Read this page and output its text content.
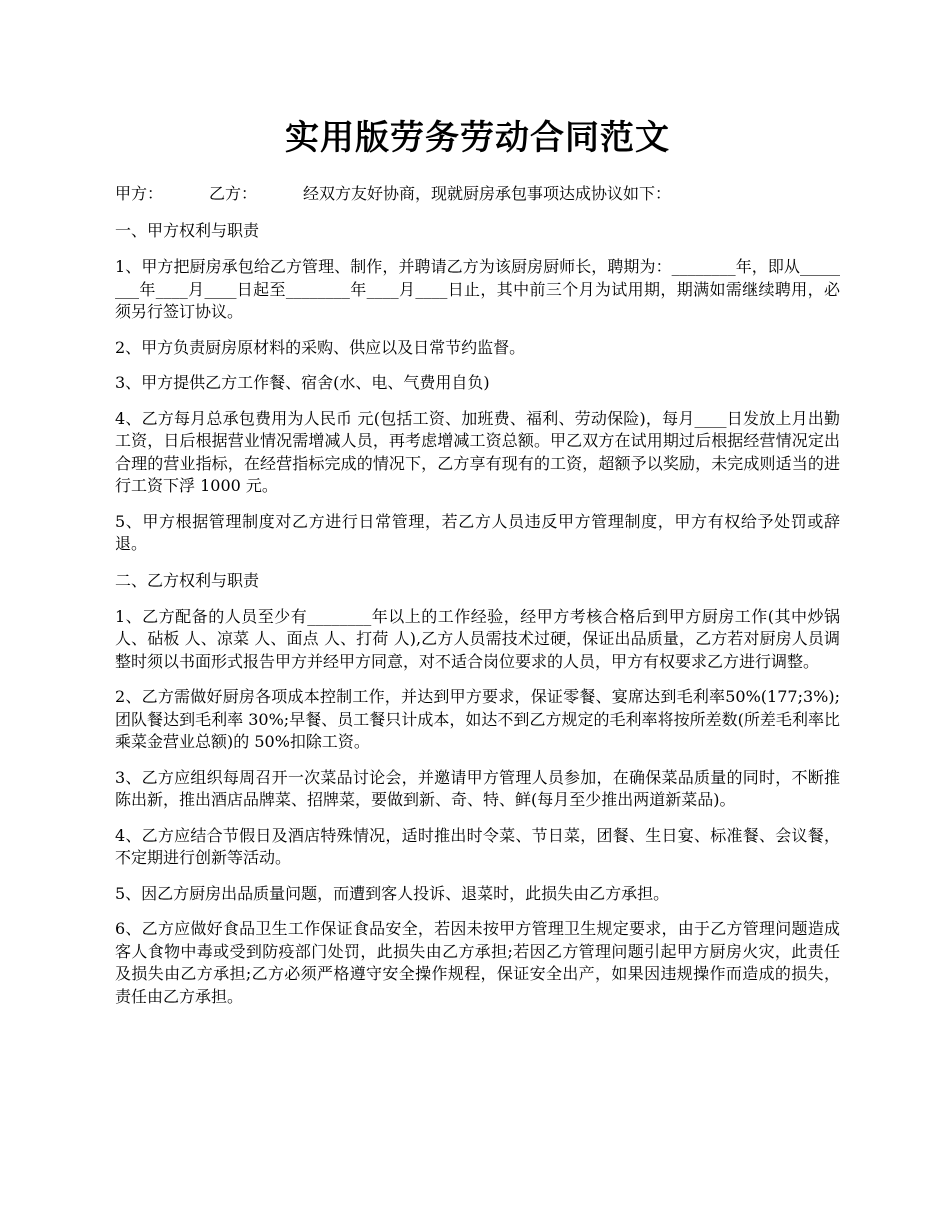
实用版劳务劳动合同范文
甲方：	乙方：	经双方友好协商，现就厨房承包事项达成协议如下：
一、甲方权利与职责
1、甲方把厨房承包给乙方管理、制作，并聘请乙方为该厨房厨师长，聘期为：________年，即从________年____月____日起至________年____月____日止，其中前三个月为试用期，期满如需继续聘用，必须另行签订协议。
2、甲方负责厨房原材料的采购、供应以及日常节约监督。
3、甲方提供乙方工作餐、宿舍(水、电、气费用自负)
4、乙方每月总承包费用为人民币 元(包括工资、加班费、福利、劳动保险)，每月____日发放上月出勤工资，日后根据营业情况需增减人员，再考虑增减工资总额。甲乙双方在试用期过后根据经营情况定出合理的营业指标，在经营指标完成的情况下，乙方享有现有的工资，超额予以奖励，未完成则适当的进行工资下浮 1000 元。
5、甲方根据管理制度对乙方进行日常管理，若乙方人员违反甲方管理制度，甲方有权给予处罚或辞退。
二、乙方权利与职责
1、乙方配备的人员至少有________年以上的工作经验，经甲方考核合格后到甲方厨房工作(其中炒锅 人、砧板 人、凉菜 人、面点 人、打荷 人),乙方人员需技术过硬，保证出品质量，乙方若对厨房人员调整时须以书面形式报告甲方并经甲方同意，对不适合岗位要求的人员，甲方有权要求乙方进行调整。
2、乙方需做好厨房各项成本控制工作，并达到甲方要求，保证零餐、宴席达到毛利率50%(177;3%);团队餐达到毛利率 30%;早餐、员工餐只计成本，如达不到乙方规定的毛利率将按所差数(所差毛利率比乘菜金营业总额)的 50%扣除工资。
3、乙方应组织每周召开一次菜品讨论会，并邀请甲方管理人员参加，在确保菜品质量的同时，不断推陈出新，推出酒店品牌菜、招牌菜，要做到新、奇、特、鲜(每月至少推出两道新菜品)。
4、乙方应结合节假日及酒店特殊情况，适时推出时令菜、节日菜，团餐、生日宴、标准餐、会议餐，不定期进行创新等活动。
5、因乙方厨房出品质量问题，而遭到客人投诉、退菜时，此损失由乙方承担。
6、乙方应做好食品卫生工作保证食品安全，若因未按甲方管理卫生规定要求，由于乙方管理问题造成客人食物中毒或受到防疫部门处罚，此损失由乙方承担;若因乙方管理问题引起甲方厨房火灾，此责任及损失由乙方承担;乙方必须严格遵守安全操作规程，保证安全出产，如果因违规操作而造成的损失，责任由乙方承担。
